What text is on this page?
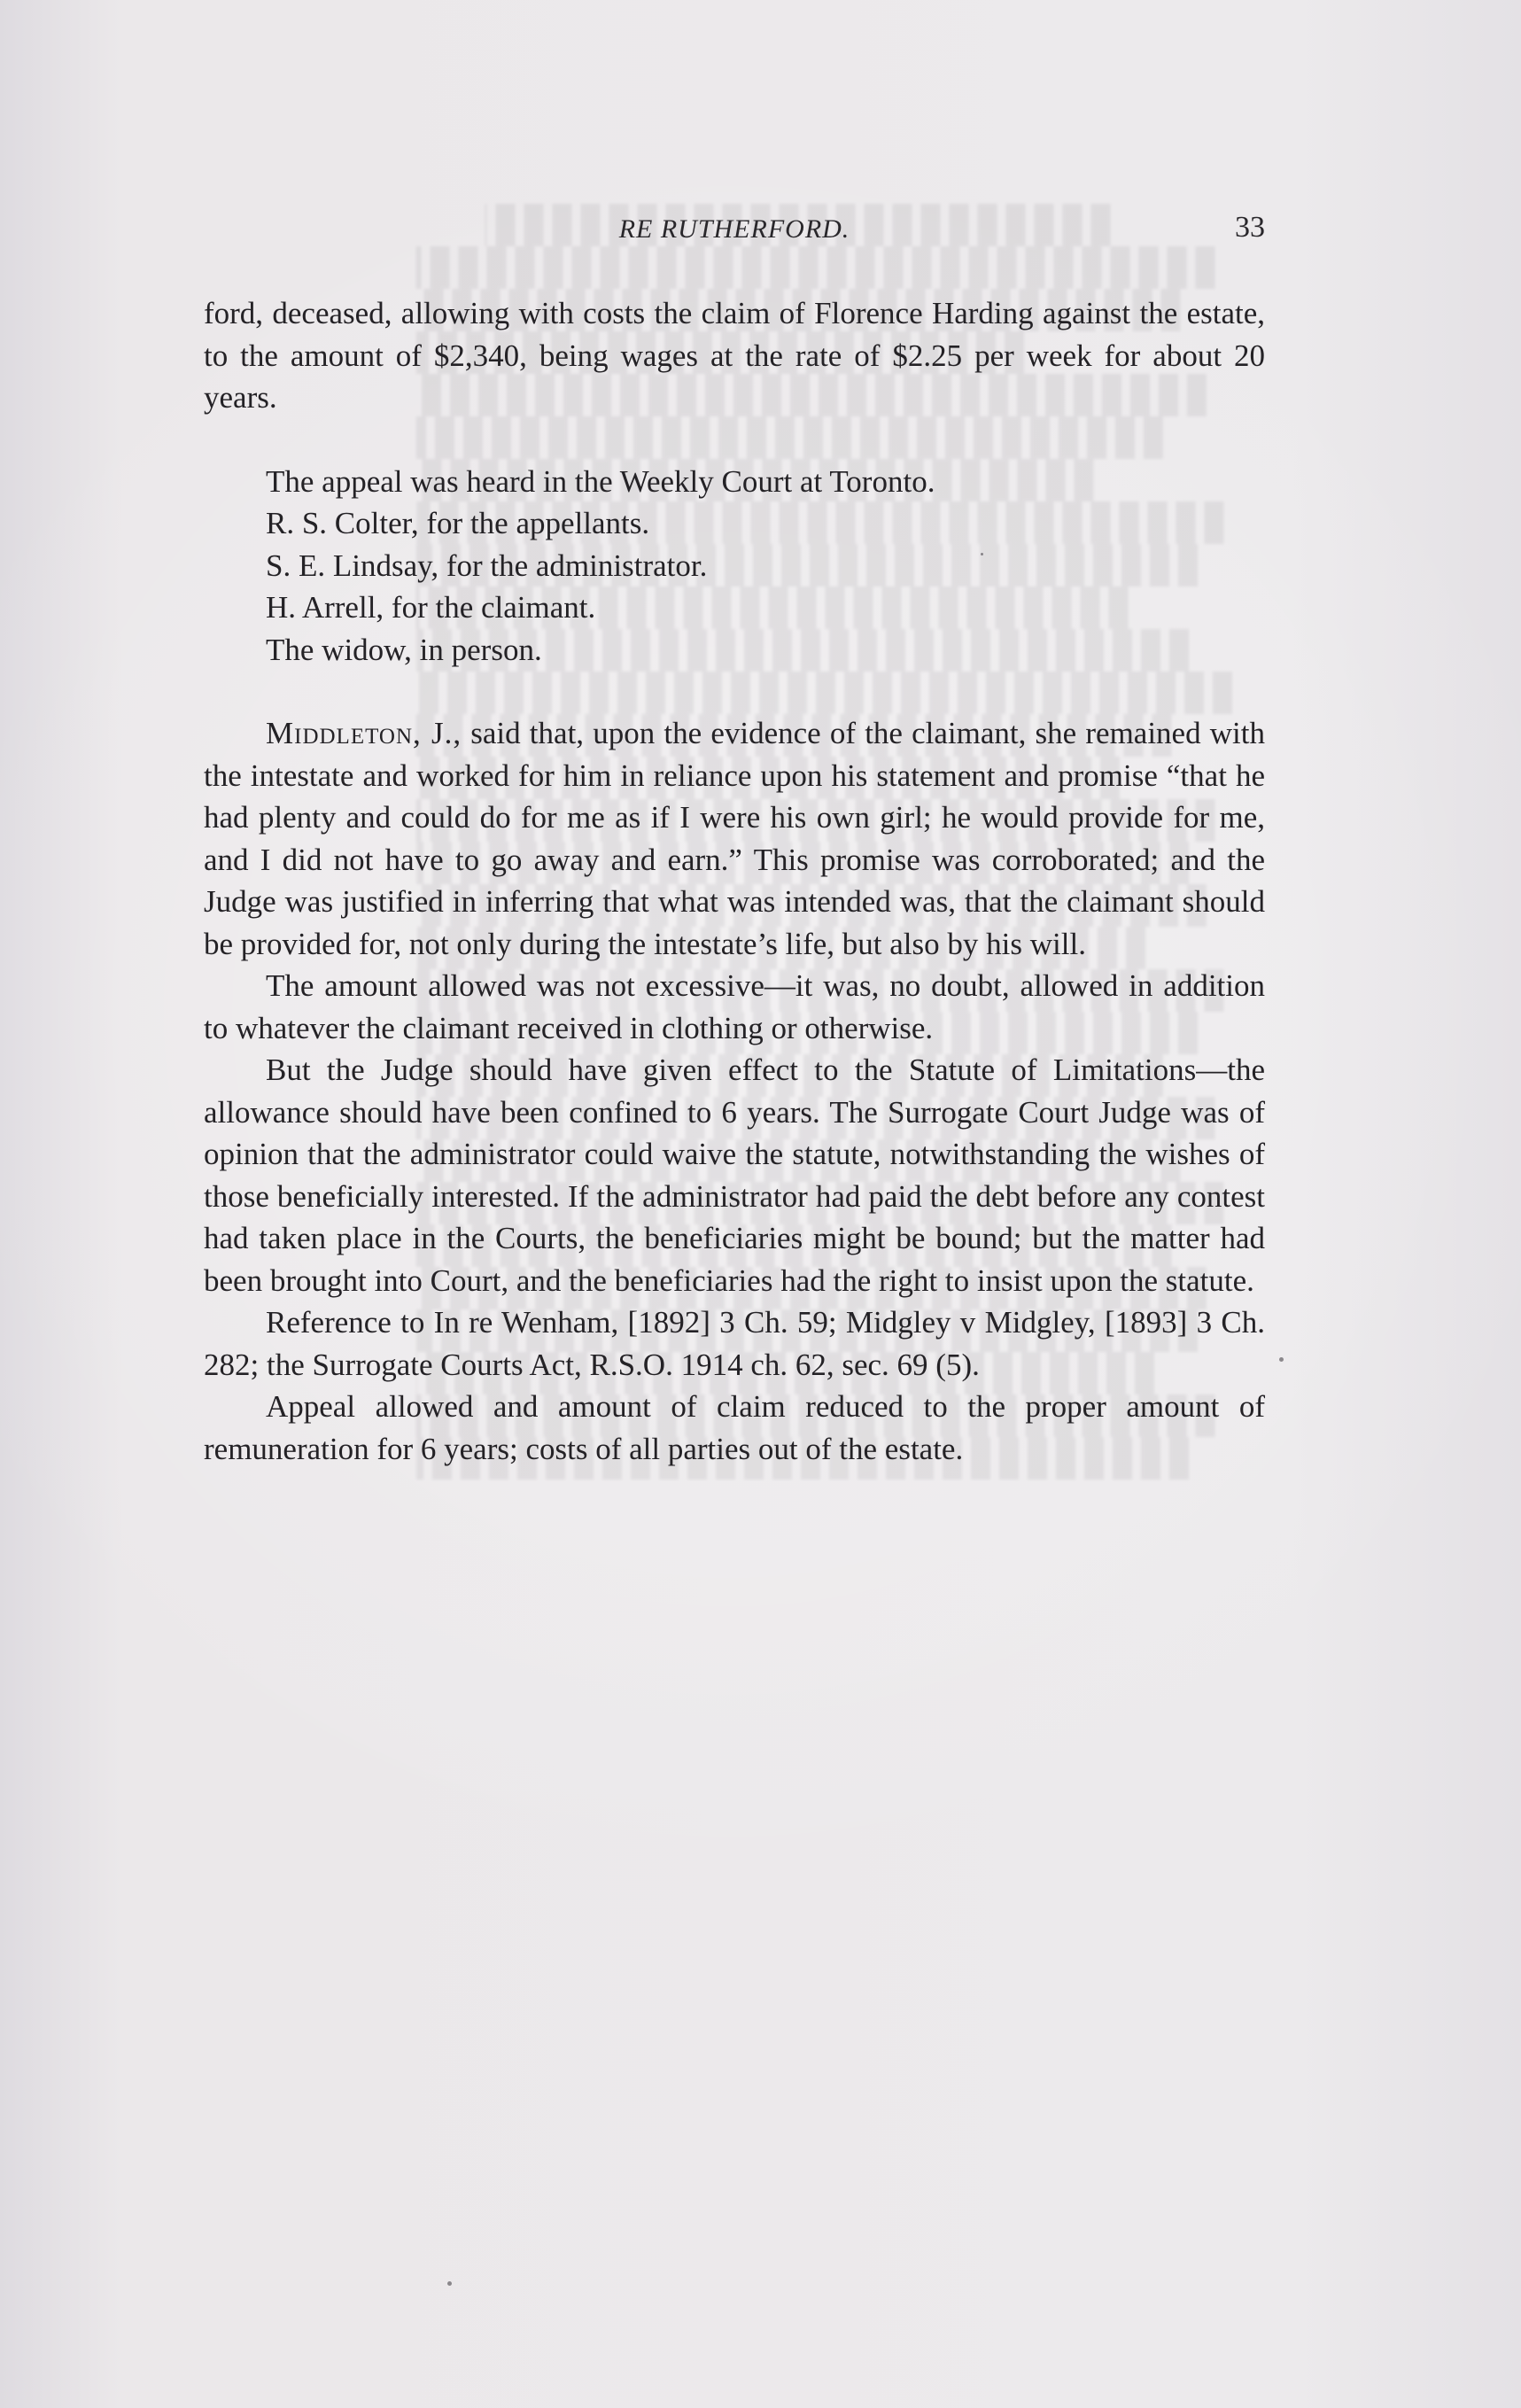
RE RUTHERFORD.	33

ford, deceased, allowing with costs the claim of Florence Harding against the estate, to the amount of $2,340, being wages at the rate of $2.25 per week for about 20 years.

The appeal was heard in the Weekly Court at Toronto.

R. S. Colter, for the appellants.

S. E. Lindsay, for the administrator.

H. Arrell, for the claimant.

The widow, in person.

Middleton, J., said that, upon the evidence of the claimant, she remained with the intestate and worked for him in reliance upon his statement and promise “that he had plenty and could do for me as if I were his own girl; he would provide for me, and I did not have to go away and earn.” This promise was corroborated; and the Judge was justified in inferring that what was intended was, that the claimant should be provided for, not only during the intestate’s life, but also by his will.

The amount allowed was not excessive—it was, no doubt, allowed in addition to whatever the claimant received in clothing or otherwise.

But the Judge should have given effect to the Statute of Limitations—the allowance should have been confined to 6 years. The Surrogate Court Judge was of opinion that the administrator could waive the statute, notwithstanding the wishes of those beneficially interested. If the administrator had paid the debt before any contest had taken place in the Courts, the beneficiaries might be bound; but the matter had been brought into Court, and the beneficiaries had the right to insist upon the statute.

Reference to In re Wenham, [1892] 3 Ch. 59; Midgley v Midgley, [1893] 3 Ch. 282; the Surrogate Courts Act, R.S.O. 1914 ch. 62, sec. 69 (5).

Appeal allowed and amount of claim reduced to the proper amount of remuneration for 6 years; costs of all parties out of the estate.
